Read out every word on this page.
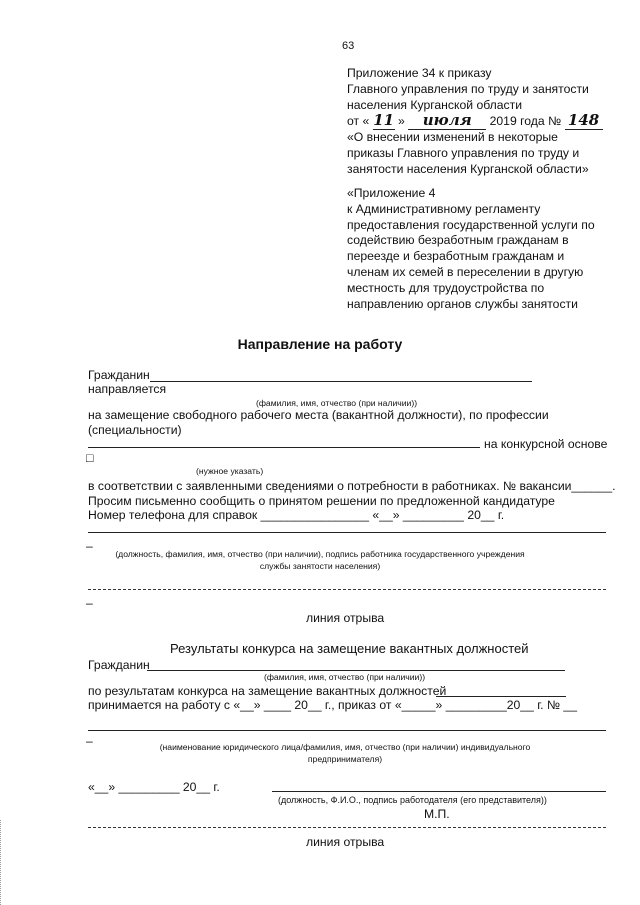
63
Приложение 34 к приказу
Главного управления по труду и занятости
населения Курганской области
от « 11 » июля 2019 года № 148
«О внесении изменений в некоторые
приказы Главного управления по труду и
занятости населения Курганской области»
«Приложение 4
к Административному регламенту
предоставления государственной услуги по
содействию безработным гражданам в
переезде и безработным гражданам и
членам их семей в переселении в другую
местность для трудоустройства по
направлению органов службы занятости
Направление на работу
Гражданин
направляется
(фамилия, имя, отчество (при наличии))
на замещение свободного рабочего места (вакантной должности), по профессии
(специальности)
на конкурсной основе
□
(нужное указать)
в соответствии с заявленными сведениями о потребности в работниках. № вакансии______.
Просим письменно сообщить о принятом решении по предложенной кандидатуре
Номер телефона для справок ________________ «__» _________ 20__ г.
–
(должность, фамилия, имя, отчество (при наличии), подпись работника государственного учреждения службы занятости населения)
–
линия отрыва
Результаты конкурса на замещение вакантных должностей
Гражданин
(фамилия, имя, отчество (при наличии))
по результатам конкурса на замещение вакантных должностей
принимается на работу с «__» ____ 20__ г., приказ от «_____» _________20__ г. № __
–	(наименование юридического лица/фамилия, имя, отчество (при наличии) индивидуального предпринимателя)
«__» _________ 20__ г.
(должность, Ф.И.О., подпись работодателя (его представителя))
М.П.
линия отрыва
